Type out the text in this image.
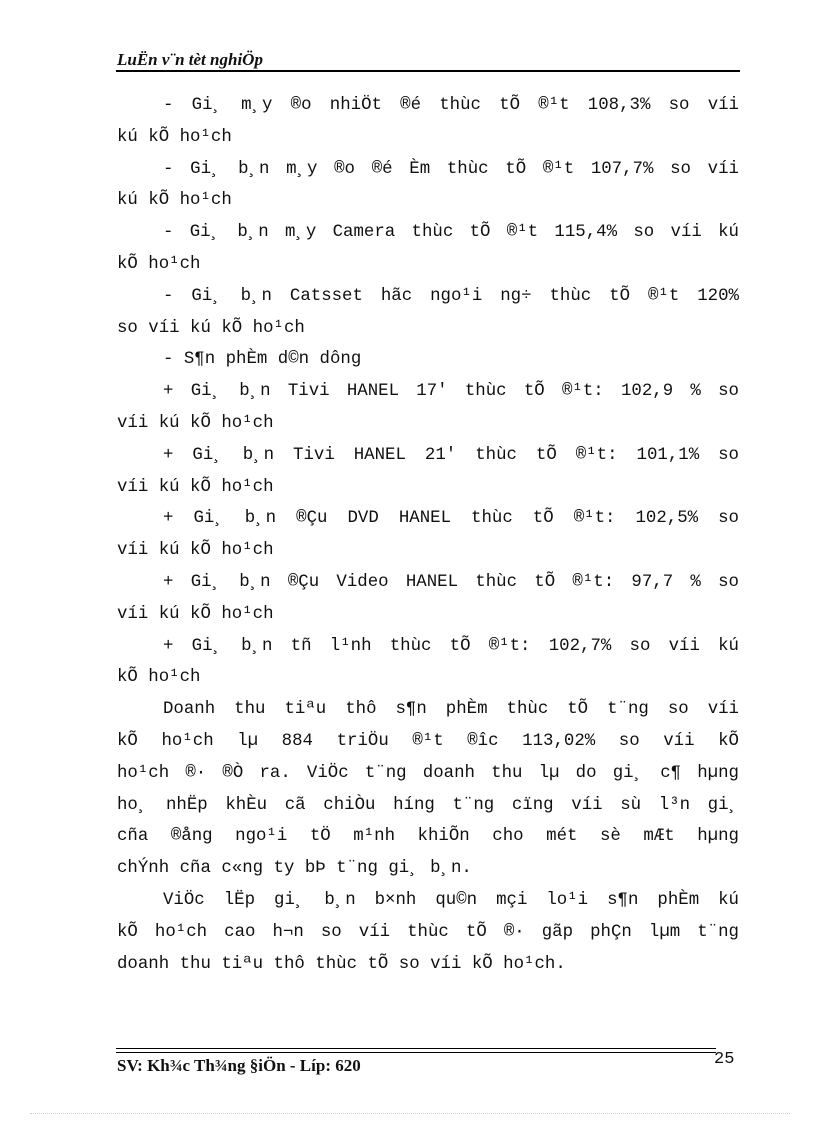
LuËn v¨n tèt nghiÖp
- Gi¸ m¸y ®o nhiÖt ®é thùc tÕ ®¹t 108,3% so víi
kú kÕ ho¹ch
- Gi¸ b¸n m¸y ®o ®é Èm thùc tÕ ®¹t 107,7% so víi
kú kÕ ho¹ch
- Gi¸ b¸n m¸y Camera thùc tÕ ®¹t 115,4% so víi kú
kÕ ho¹ch
- Gi¸ b¸n Catsset hãc ngo¹i ng÷ thùc tÕ ®¹t 120%
so víi kú kÕ ho¹ch
- S¶n phÈm d©n dông
+ Gi¸ b¸n Tivi HANEL 17' thùc tÕ ®¹t: 102,9 % so
víi kú kÕ ho¹ch
+ Gi¸ b¸n Tivi HANEL 21' thùc tÕ ®¹t: 101,1% so
víi kú kÕ ho¹ch
+ Gi¸ b¸n ®Çu DVD HANEL thùc tÕ ®¹t: 102,5% so
víi kú kÕ ho¹ch
+ Gi¸ b¸n ®Çu Video HANEL thùc tÕ ®¹t: 97,7 % so
víi kú kÕ ho¹ch
+ Gi¸ b¸n tñ l¹nh thùc tÕ ®¹t: 102,7% so víi kú
kÕ ho¹ch
Doanh thu tiªu thô s¶n phÈm thùc tÕ t¨ng so víi
kÕ ho¹ch lµ 884 triÖu ®¹t ®îc 113,02% so víi kÕ
ho¹ch ®· ®Ò ra. ViÖc t¨ng doanh thu lµ do gi¸ c¶ hµng
ho¸ nhËp khÈu cã chiÒu híng t¨ng cïng víi sù l³n gi¸
cña ®ång ngo¹i tÖ m¹nh khiÕn cho mét sè mÆt hµng
chÝnh cña c«ng ty bÞ t¨ng gi¸ b¸n.
ViÖc lËp gi¸ b¸n b×nh qu©n mçi lo¹i s¶n phÈm kú
kÕ ho¹ch cao h¬n so víi thùc tÕ ®· gãp phÇn lµm t¨ng
doanh thu tiªu thô thùc tÕ so víi kÕ ho¹ch.
SV: Kh¾c Th¾ng §iÖn - Líp: 620	25
